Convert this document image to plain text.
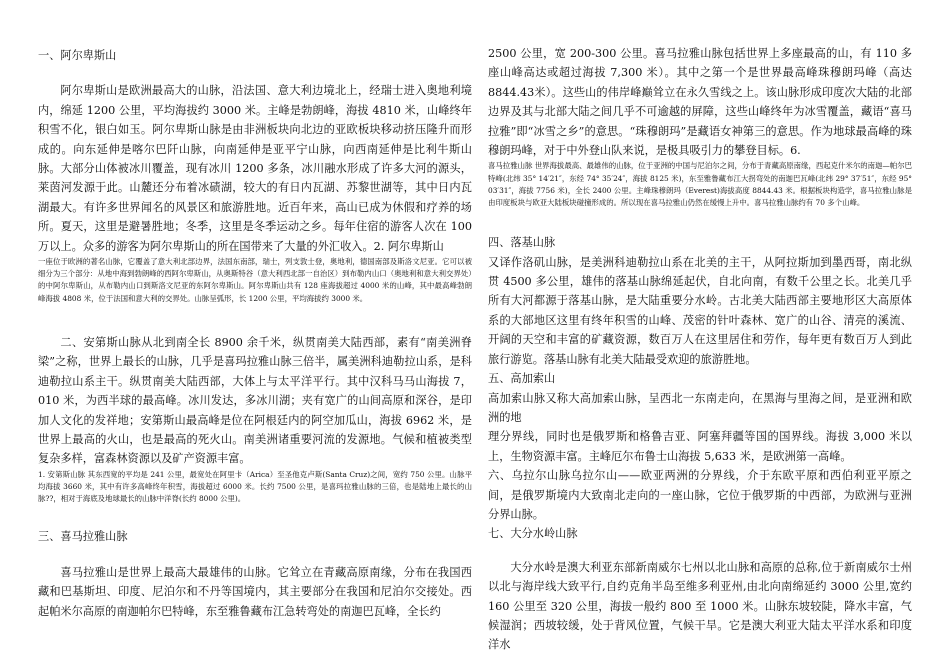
一、阿尔卑斯山

阿尔卑斯山是欧洲最高大的山脉，沿法国、意大利边境北上，经瑞士进入奥地利境内，绵延 1200 公里，平均海拔约 3000 米。主峰是勃朗峰，海拔 4810 米，山峰终年积雪不化，银白如玉。阿尔卑斯山脉是由非洲板块向北边的亚欧板块移动挤压隆升而形成的。向东延伸是喀尔巴阡山脉，向南延伸是亚平宁山脉，向西南延伸是比利牛斯山脉。大部分山体被冰川覆盖，现有冰川 1200 多条，冰川融水形成了许多大河的源头，莱茵河发源于此。山麓还分布着冰碛湖，较大的有日内瓦湖、苏黎世湖等，其中日内瓦湖最大。有许多世界闻名的风景区和旅游胜地。近百年来，高山已成为休假和疗养的场所。夏天，这里是避暑胜地；冬季，这里是冬季运动之乡。每年住宿的游客人次在 100 万以上。众多的游客为阿尔卑斯山的所在国带来了大量的外汇收入。2. 阿尔卑斯山

一座位于欧洲的著名山脉，它覆盖了意大利北部边界，法国东南部，瑞士，列支敦士登，奥地利，德国南部及斯洛文尼亚。它可以被细分为三个部分：从地中海到勃朗峰的西阿尔卑斯山，从奥斯特谷（意大利西北部一自治区）到布勒内山口（奥地利和意大利交界处）的中阿尔卑斯山，从布勒内山口到斯洛文尼亚的东阿尔卑斯山。阿尔卑斯山共有 128 座海拔超过 4000 米的山峰，其中最高峰勃朗峰海拔 4808 米，位于法国和意大利的交界处。山脉呈弧形，长 1200 公里，平均海拔约 3000 米。

二、安第斯山脉从北到南全长 8900 余千米，纵贯南美大陆西部，素有“南美洲脊梁”之称，世界上最长的山脉，几乎是喜玛拉雅山脉三倍半，属美洲科迪勒拉山系，是科迪勒拉山系主干。纵贯南美大陆西部，大体上与太平洋平行。其中汉科马马山海拔 7，010 米，为西半球的最高峰。冰川发达，多冰川湖；夹有宽广的山间高原和深谷，是印加人文化的发祥地；安第斯山最高峰是位在阿根廷内的阿空加瓜山，海拔 6962 米，是世界上最高的火山，也是最高的死火山。南美洲诸重要河流的发源地。气候和植被类型复杂多样，富森林资源以及矿产资源丰富。

1. 安第斯山脉 其东西宽的平均是 241 公里，最宽处在阿里卡（Arica）至圣他克卢斯(Santa Cruz)之间，宽约 750 公里。山脉平均海拔 3660 米，其中有许多高峰终年积雪，海拔超过 6000 米。长约 7500 公里，是喜玛拉雅山脉的三倍，也是陆地上最长的山脉??，相对于海底及地球最长的山脉中洋脊(长约 8000 公里)。

三、喜马拉雅山脉

喜马拉雅山是世界上最高大最雄伟的山脉。它耸立在青藏高原南缘，分布在我国西藏和巴基斯坦、印度、尼泊尔和不丹等国境内，其主要部分在我国和尼泊尔交接处。西起帕米尔高原的南迦帕尔巴特峰，东至雅鲁藏布江急转弯处的南迦巴瓦峰，全长约

2500 公里，宽 200-300 公里。喜马拉雅山脉包括世界上多座最高的山，有 110 多座山峰高达或超过海拔 7,300 米）。其中之第一个是世界最高峰珠穆朗玛峰（高达 8844.43米）。这些山的伟岸峰巅耸立在永久雪线之上。该山脉形成印度次大陆的北部边界及其与北部大陆之间几乎不可逾越的屏障，这些山峰终年为冰雪覆盖，藏语“喜马拉雅”即“冰雪之乡”的意思。“珠穆朗玛”是藏语女神第三的意思。作为地球最高峰的珠穆朗玛峰，对于中外登山队来说，是极具吸引力的攀登目标。6.

喜马拉雅山脉 世界海拔最高、最雄伟的山脉，位于亚洲的中国与尼泊尔之间，分布于青藏高原南缘，西起克什米尔的南迦—帕尔巴特峰(北纬 35° 14′21″，东经 74° 35′24″，海拔 8125 米)，东至雅鲁藏布江大拐弯处的南迦巴瓦峰(北纬 29° 37′51″，东经 95° 03′31″，海拔 7756 米)，全长 2400 公里。主峰珠穆朗玛（Everest)海拔高度 8844.43 米。根据板块构造学，喜马拉雅山脉是由印度板块与欧亚大陆板块碰撞形成的。所以现在喜马拉雅山仍然在缓慢上升中。喜马拉雅山脉约有 70 多个山峰。

四、落基山脉

又译作洛矶山脉，是美洲科迪勒拉山系在北美的主干，从阿拉斯加到墨西哥，南北纵贯 4500 多公里，雄伟的落基山脉绵延起伏，自北向南，有数千公里之长。北美几乎所有大河都源于落基山脉，是大陆重要分水岭。古北美大陆西部主要地形区大高原体系的大部地区这里有终年积雪的山峰、茂密的针叶森林、宽广的山谷、清亮的溪流、开阔的天空和丰富的矿藏资源，数百万人在这里居住和劳作，每年更有数百万人到此旅行游览。落基山脉有北美大陆最受欢迎的旅游胜地。

五、高加索山

高加索山脉又称大高加索山脉，呈西北一东南走向，在黑海与里海之间，是亚洲和欧洲的地

理分界线，同时也是俄罗斯和格鲁吉亚、阿塞拜疆等国的国界线。海拔 3,000 米以上，生物资源丰富。主峰厄尔布鲁士山海拔 5,633 米，是欧洲第一高峰。

六、乌拉尔山脉乌拉尔山——欧亚两洲的分界线，介于东欧平原和西伯利亚平原之间，是俄罗斯境内大致南北走向的一座山脉，它位于俄罗斯的中西部，为欧洲与亚洲分界山脉。

七、大分水岭山脉

大分水岭是澳大利亚东部新南威尔七州以北山脉和高原的总称,位于新南威尔士州以北与海岸线大致平行,自约克角半岛至维多利亚州,由北向南绵延约 3000 公里,宽约 160 公里至 320 公里，海拔一般约 800 至 1000 米。山脉东坡较陡，降水丰富，气候湿润；西坡较缓，处于背风位置，气候干旱。它是澳大利亚大陆太平洋水系和印度洋水
